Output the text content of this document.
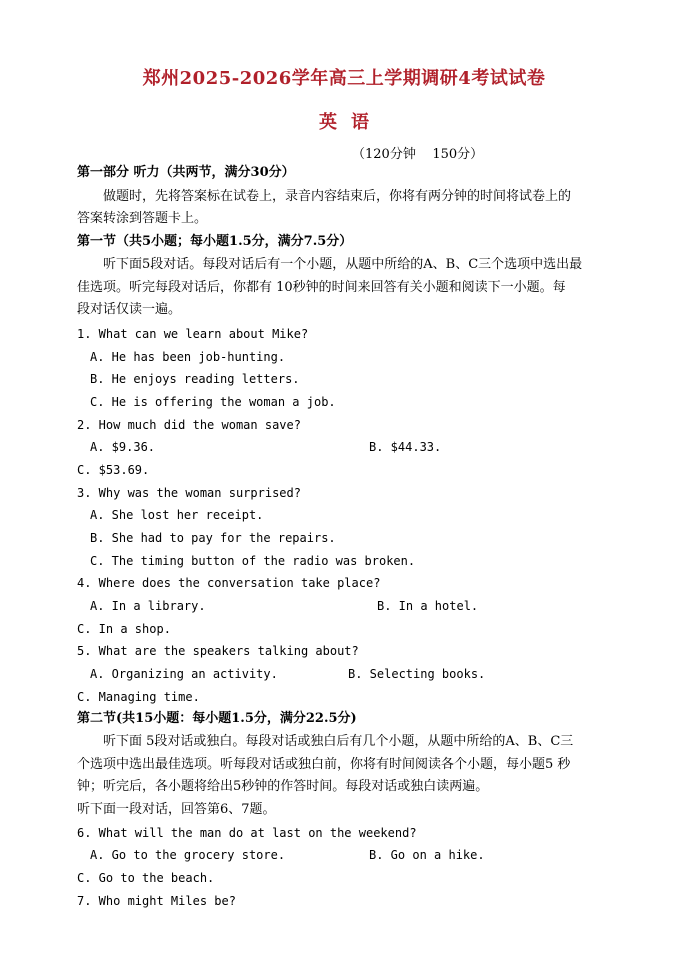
郑州2025-2026学年高三上学期调研4考试试卷
英语
（120分钟    150分）
第一部分 听力（共两节，满分30分）
做题时，先将答案标在试卷上，录音内容结束后，你将有两分钟的时间将试卷上的
答案转涂到答题卡上。
第一节（共5小题；每小题1.5分，满分7.5分）
听下面5段对话。每段对话后有一个小题，从题中所给的A、B、C三个选项中选出最
佳选项。听完每段对话后，你都有 10秒钟的时间来回答有关小题和阅读下一小题。每
段对话仅读一遍。
1. What can we learn about Mike?
A. He has been job-hunting.
B. He enjoys reading letters.
C. He is offering the woman a job.
2. How much did the woman save?
A. $9.36.	B. $44.33.
C. $53.69.
3. Why was the woman surprised?
A. She lost her receipt.
B. She had to pay for the repairs.
C. The timing button of the radio was broken.
4. Where does the conversation take place?
A. In a library.	B. In a hotel.
C. In a shop.
5. What are the speakers talking about?
A. Organizing an activity.	B. Selecting books.
C. Managing time.
第二节(共15小题：每小题1.5分，满分22.5分)
听下面 5段对话或独白。每段对话或独白后有几个小题，从题中所给的A、B、C三
个选项中选出最佳选项。听每段对话或独白前，你将有时间阅读各个小题，每小题5 秒
钟；听完后，各小题将给出5秒钟的作答时间。每段对话或独白读两遍。
听下面一段对话，回答第6、7题。
6. What will the man do at last on the weekend?
A. Go to the grocery store.	B. Go on a hike.
C. Go to the beach.
7. Who might Miles be?
